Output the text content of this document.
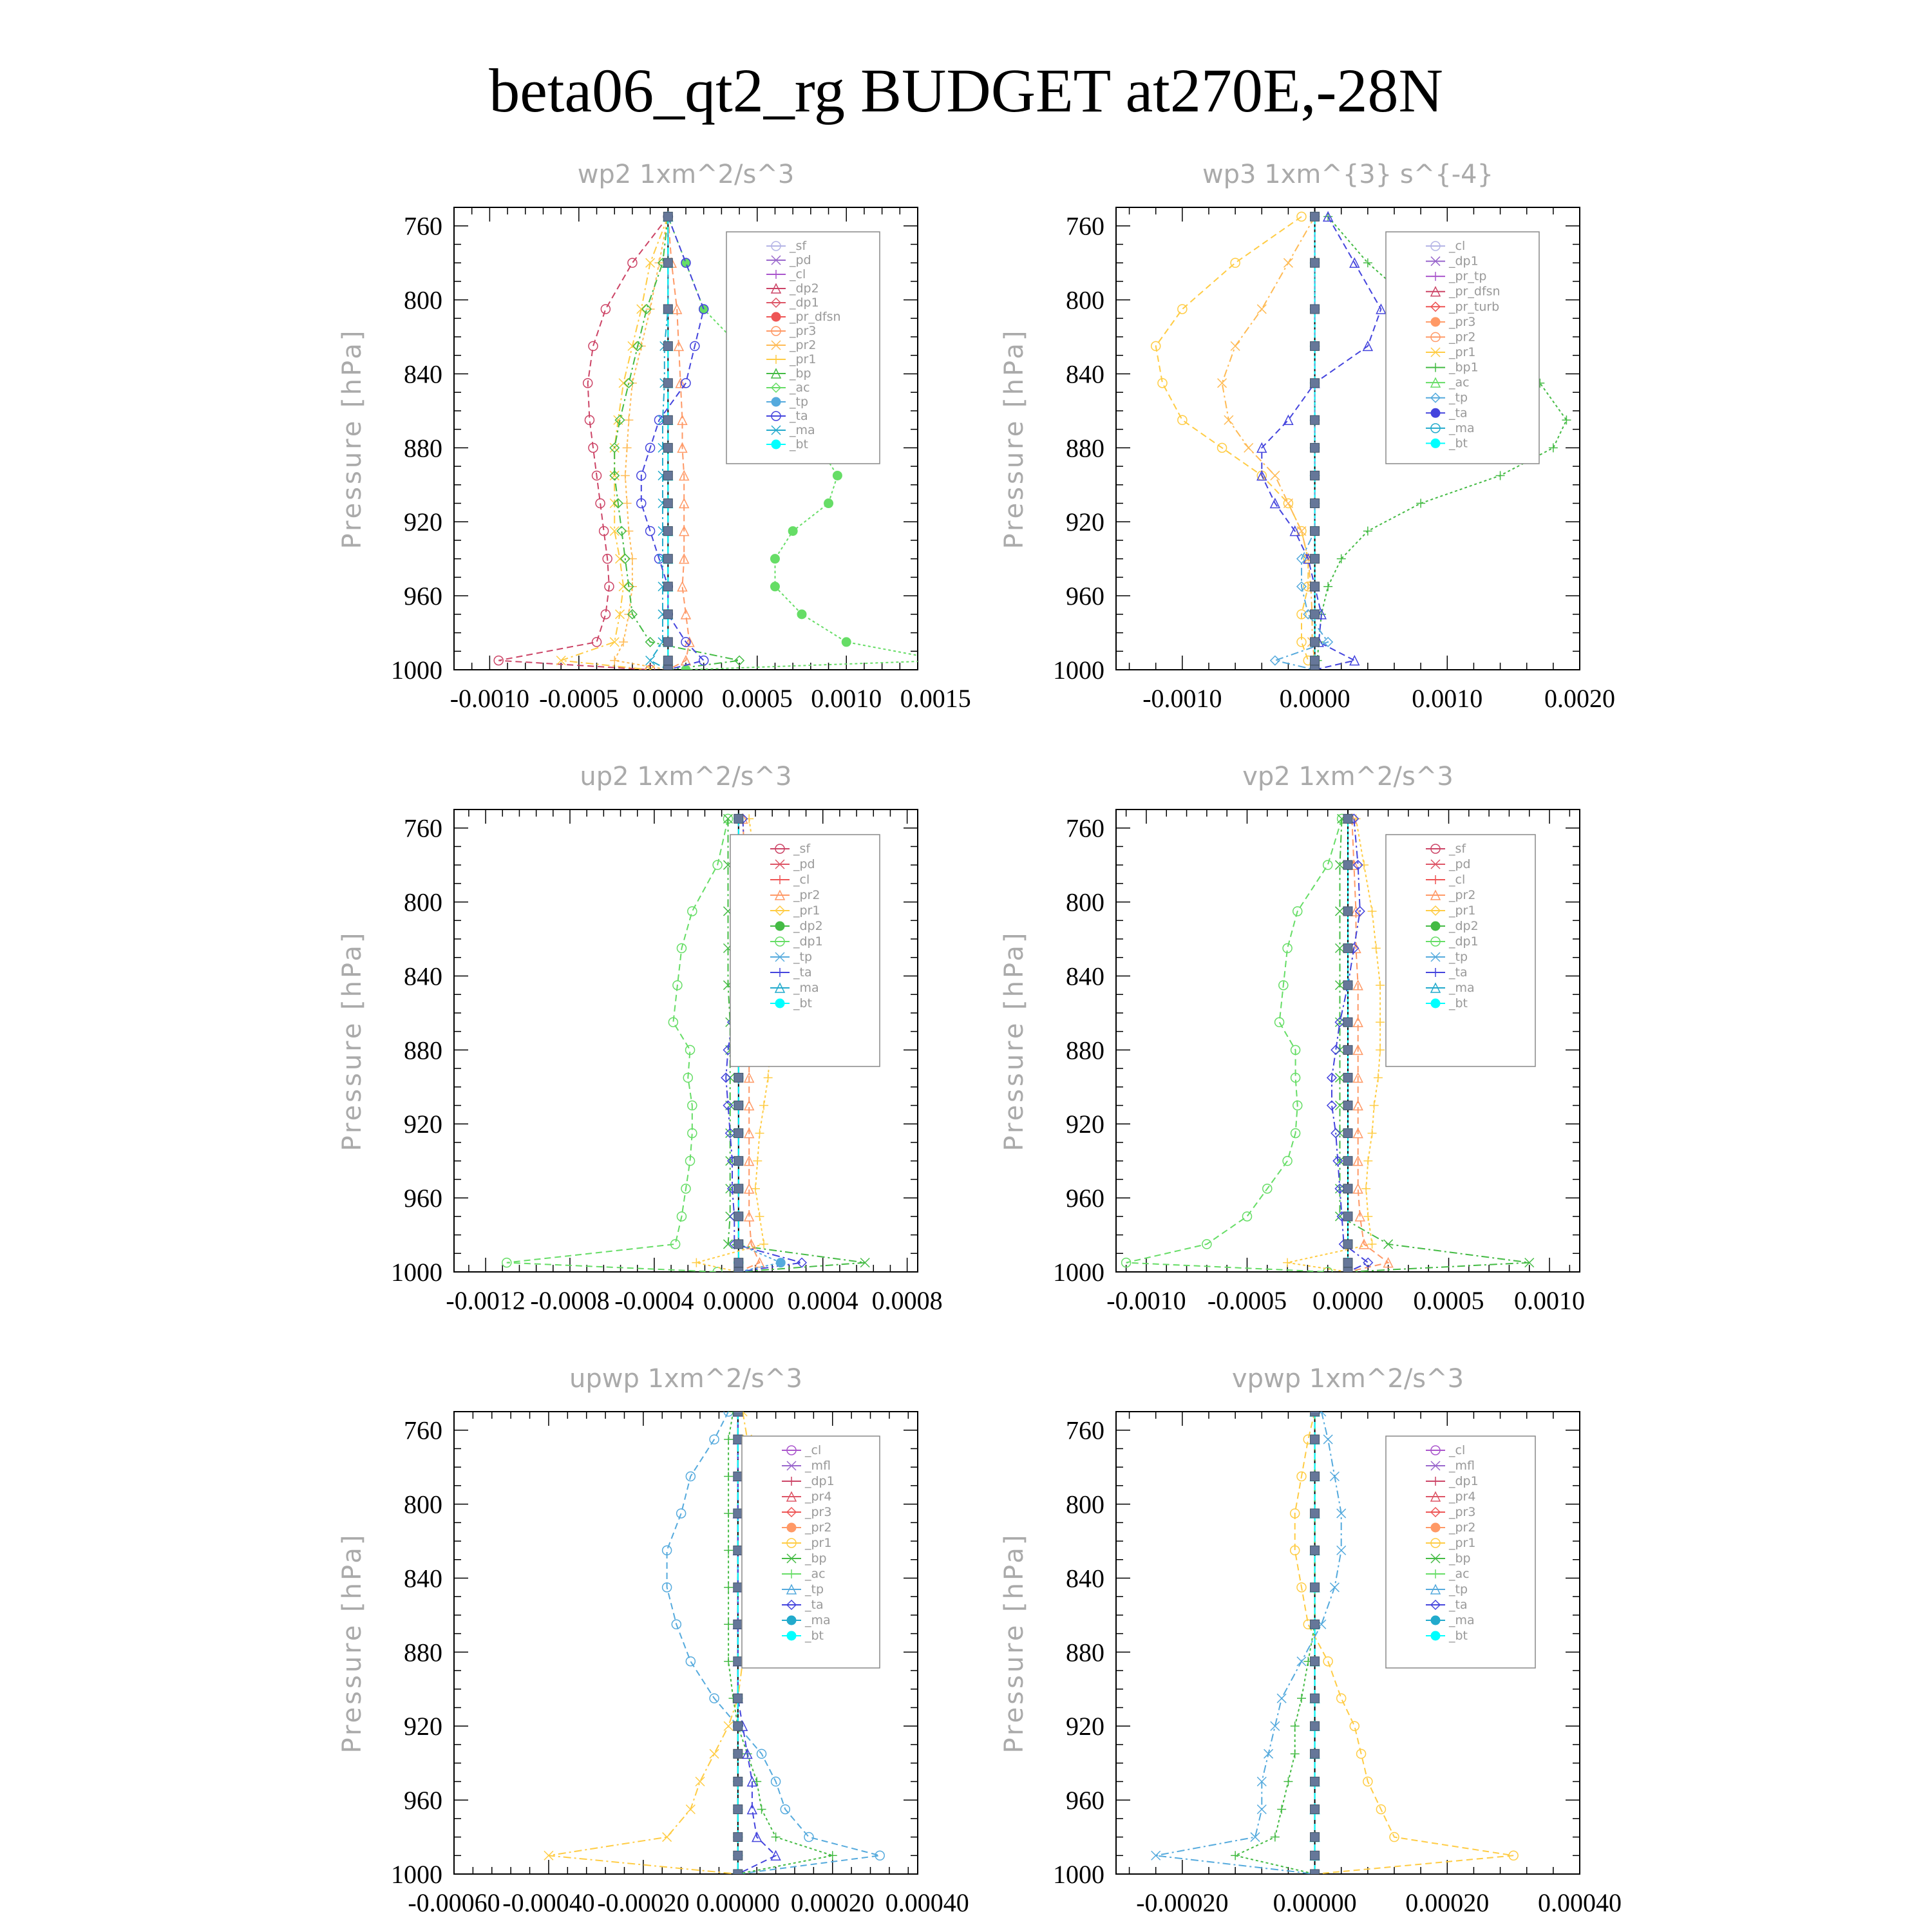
beta06_qt2_rg BUDGET at270E,-28N
wp2 1xm^2/s^3
Pressure [hPa]
760
800
840
880
920
960
1000
-0.0010 -0.0005 0.0000 0.0005 0.0010 0.0015
_sf
_pd
_cl
_dp2
_dp1
_pr_dfsn
_pr3
_pr2
_pr1
_bp
_ac
_tp
_ta
_ma
_bt
wp3 1xm^{3} s^{-4}
Pressure [hPa]
760
800
840
880
920
960
1000
-0.0010 0.0000 0.0010 0.0020
_cl
_dp1
_pr_tp
_pr_dfsn
_pr_turb
_pr3
_pr2
_pr1
_bp1
_ac
_tp
_ta
_ma
_bt
up2 1xm^2/s^3
Pressure [hPa]
760
800
840
880
920
960
1000
-0.0012 -0.0008 -0.0004 0.0000 0.0004 0.0008
_sf
_pd
_cl
_pr2
_pr1
_dp2
_dp1
_tp
_ta
_ma
_bt
vp2 1xm^2/s^3
Pressure [hPa]
760
800
840
880
920
960
1000
-0.0010 -0.0005 0.0000 0.0005 0.0010
_sf
_pd
_cl
_pr2
_pr1
_dp2
_dp1
_tp
_ta
_ma
_bt
upwp 1xm^2/s^3
Pressure [hPa]
760
800
840
880
920
960
1000
-0.00060 -0.00040 -0.00020 0.00000 0.00020 0.00040
_cl
_mfl
_dp1
_pr4
_pr3
_pr2
_pr1
_bp
_ac
_tp
_ta
_ma
_bt
vpwp 1xm^2/s^3
Pressure [hPa]
760
800
840
880
920
960
1000
-0.00020 0.00000 0.00020 0.00040
_cl
_mfl
_dp1
_pr4
_pr3
_pr2
_pr1
_bp
_ac
_tp
_ta
_ma
_bt
